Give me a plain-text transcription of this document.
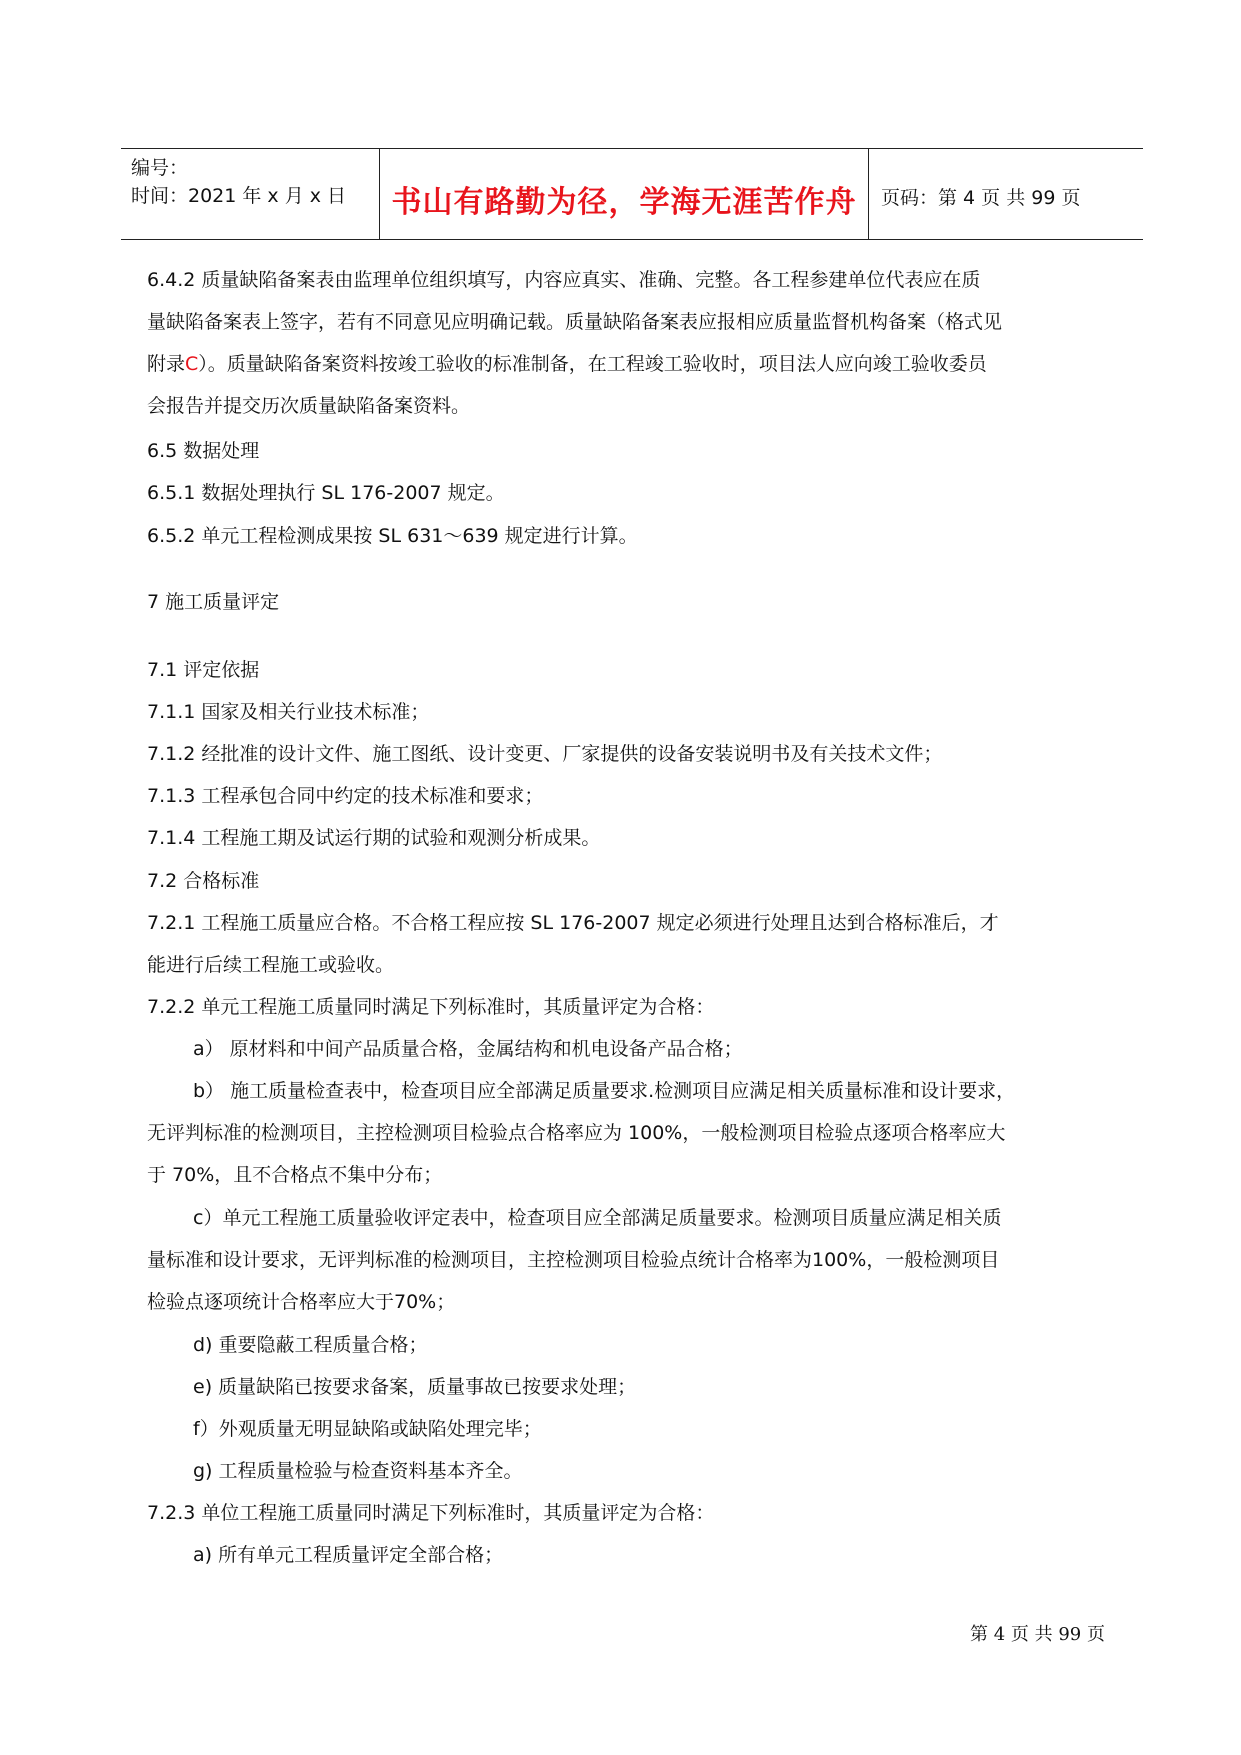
编号：
时间：2021 年 x 月 x 日	书山有路勤为径，学海无涯苦作舟	页码：第 4 页 共 99 页
6.4.2 质量缺陷备案表由监理单位组织填写，内容应真实、准确、完整。各工程参建单位代表应在质
量缺陷备案表上签字，若有不同意见应明确记载。质量缺陷备案表应报相应质量监督机构备案（格式见
附录C）。质量缺陷备案资料按竣工验收的标准制备，在工程竣工验收时，项目法人应向竣工验收委员
会报告并提交历次质量缺陷备案资料。
6.5 数据处理
6.5.1 数据处理执行 SL 176-2007 规定。
6.5.2 单元工程检测成果按 SL 631～639 规定进行计算。
7 施工质量评定
7.1 评定依据
7.1.1 国家及相关行业技术标准；
7.1.2 经批准的设计文件、施工图纸、设计变更、厂家提供的设备安装说明书及有关技术文件；
7.1.3 工程承包合同中约定的技术标准和要求；
7.1.4 工程施工期及试运行期的试验和观测分析成果。
7.2 合格标准
7.2.1 工程施工质量应合格。不合格工程应按 SL 176-2007 规定必须进行处理且达到合格标准后，才
能进行后续工程施工或验收。
7.2.2 单元工程施工质量同时满足下列标准时，其质量评定为合格：
a） 原材料和中间产品质量合格，金属结构和机电设备产品合格；
b） 施工质量检查表中，检查项目应全部满足质量要求.检测项目应满足相关质量标准和设计要求，
无评判标准的检测项目，主控检测项目检验点合格率应为 100%，一般检测项目检验点逐项合格率应大
于 70%，且不合格点不集中分布；
c）单元工程施工质量验收评定表中，检查项目应全部满足质量要求。检测项目质量应满足相关质
量标准和设计要求，无评判标准的检测项目，主控检测项目检验点统计合格率为100%，一般检测项目
检验点逐项统计合格率应大于70%；
d) 重要隐蔽工程质量合格；
e) 质量缺陷已按要求备案，质量事故已按要求处理；
f）外观质量无明显缺陷或缺陷处理完毕；
g) 工程质量检验与检查资料基本齐全。
7.2.3 单位工程施工质量同时满足下列标准时，其质量评定为合格：
a) 所有单元工程质量评定全部合格；
第 4 页 共 99 页
